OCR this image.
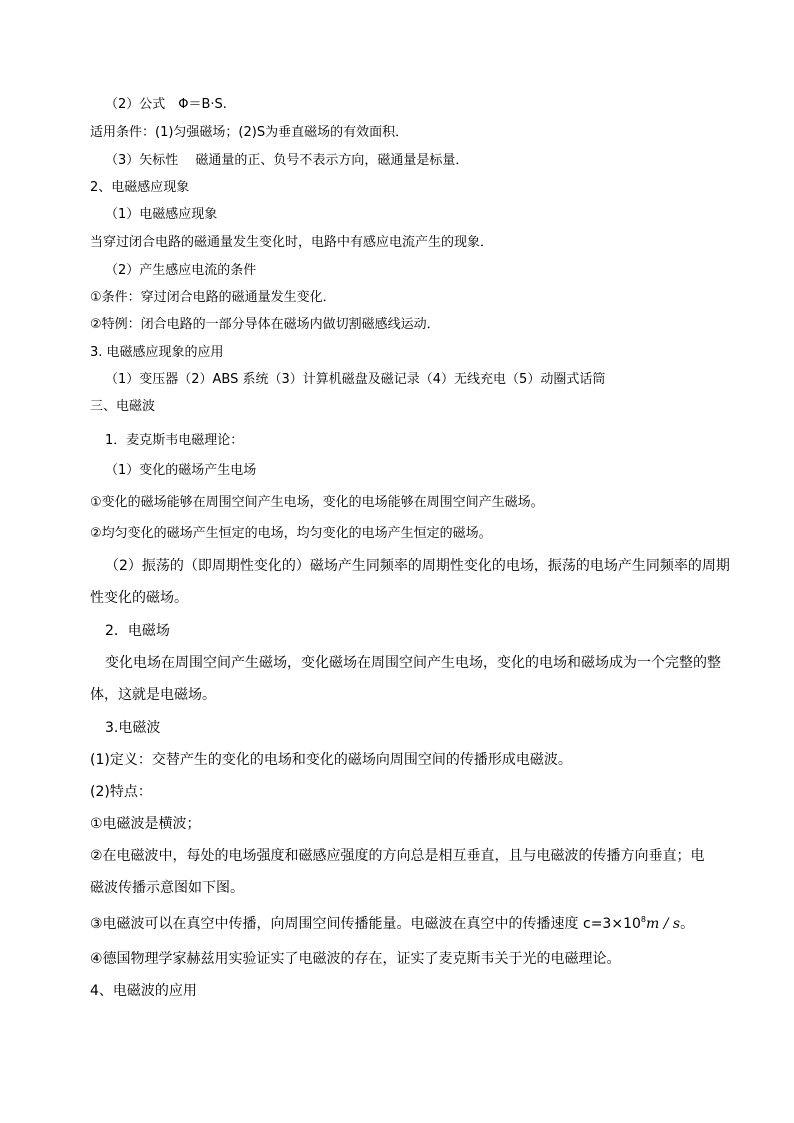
（2）公式　Φ＝B·S.
适用条件：(1)匀强磁场；(2)S为垂直磁场的有效面积．
（3）矢标性　 磁通量的正、负号不表示方向，磁通量是标量．
2、电磁感应现象
（1）电磁感应现象
当穿过闭合电路的磁通量发生变化时，电路中有感应电流产生的现象．
（2）产生感应电流的条件
①条件：穿过闭合电路的磁通量发生变化．
②特例：闭合电路的一部分导体在磁场内做切割磁感线运动．
3. 电磁感应现象的应用
（1）变压器（2）ABS 系统（3）计算机磁盘及磁记录（4）无线充电（5）动圈式话筒
三、电磁波
1．麦克斯韦电磁理论：
（1）变化的磁场产生电场
①变化的磁场能够在周围空间产生电场，变化的电场能够在周围空间产生磁场。
②均匀变化的磁场产生恒定的电场，均匀变化的电场产生恒定的磁场。
（2）振荡的（即周期性变化的）磁场产生同频率的周期性变化的电场，振荡的电场产生同频率的周期
性变化的磁场。
2．电磁场
变化电场在周围空间产生磁场，变化磁场在周围空间产生电场，变化的电场和磁场成为一个完整的整
体，这就是电磁场。
3.电磁波
(1)定义：交替产生的变化的电场和变化的磁场向周围空间的传播形成电磁波。
(2)特点：
①电磁波是横波；
②在电磁波中，每处的电场强度和磁感应强度的方向总是相互垂直，且与电磁波的传播方向垂直；电
磁波传播示意图如下图。
③电磁波可以在真空中传播，向周围空间传播能量。电磁波在真空中的传播速度 $c=3\times 10^8m / s$。
④德国物理学家赫兹用实验证实了电磁波的存在，证实了麦克斯韦关于光的电磁理论。
4、电磁波的应用
